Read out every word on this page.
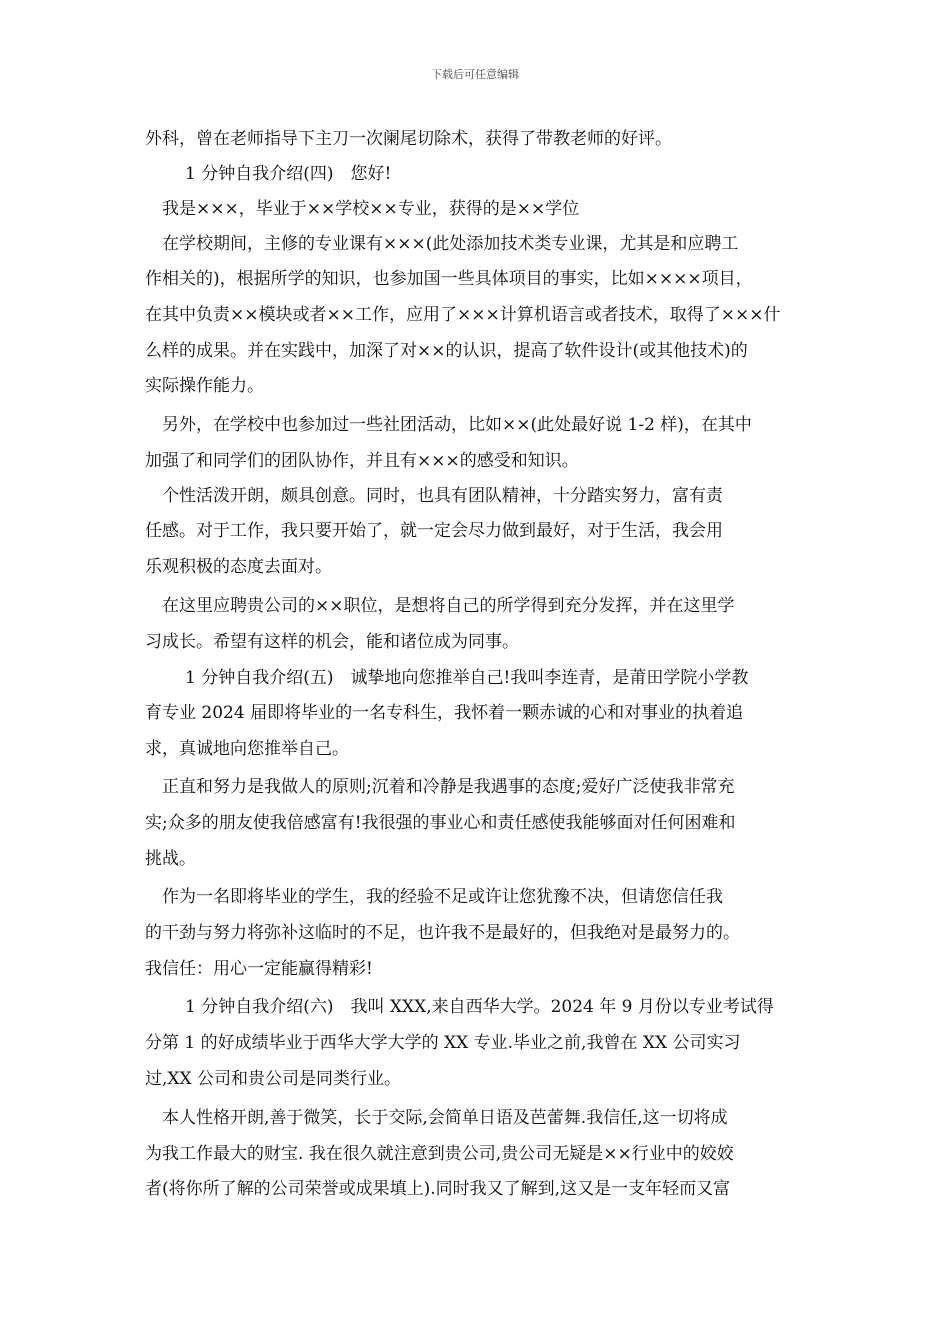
下载后可任意编辑
外科，曾在老师指导下主刀一次阑尾切除术，获得了带教老师的好评。
1 分钟自我介绍(四)　您好!
我是×××，毕业于××学校××专业，获得的是××学位
在学校期间，主修的专业课有×××(此处添加技术类专业课，尤其是和应聘工
作相关的)，根据所学的知识，也参加国一些具体项目的事实，比如××××项目，
在其中负责××模块或者××工作，应用了×××计算机语言或者技术，取得了×××什
么样的成果。并在实践中，加深了对××的认识，提高了软件设计(或其他技术)的
实际操作能力。
另外，在学校中也参加过一些社团活动，比如××(此处最好说 1-2 样)，在其中
加强了和同学们的团队协作，并且有×××的感受和知识。
个性活泼开朗，颇具创意。同时，也具有团队精神，十分踏实努力，富有责
任感。对于工作，我只要开始了，就一定会尽力做到最好，对于生活，我会用
乐观积极的态度去面对。
在这里应聘贵公司的××职位，是想将自己的所学得到充分发挥，并在这里学
习成长。希望有这样的机会，能和诸位成为同事。
1 分钟自我介绍(五)　诚挚地向您推举自己!我叫李连青，是莆田学院小学教
育专业 2024 届即将毕业的一名专科生，我怀着一颗赤诚的心和对事业的执着追
求，真诚地向您推举自己。
正直和努力是我做人的原则;沉着和冷静是我遇事的态度;爱好广泛使我非常充
实;众多的朋友使我倍感富有!我很强的事业心和责任感使我能够面对任何困难和
挑战。
作为一名即将毕业的学生，我的经验不足或许让您犹豫不决，但请您信任我
的干劲与努力将弥补这临时的不足，也许我不是最好的，但我绝对是最努力的。
我信任：用心一定能赢得精彩!
1 分钟自我介绍(六)　我叫 XXX,来自西华大学。2024 年 9 月份以专业考试得
分第 1 的好成绩毕业于西华大学大学的 XX 专业.毕业之前,我曾在 XX 公司实习
过,XX 公司和贵公司是同类行业。
本人性格开朗,善于微笑，长于交际,会简单日语及芭蕾舞.我信任,这一切将成
为我工作最大的财宝. 我在很久就注意到贵公司,贵公司无疑是××行业中的姣姣
者(将你所了解的公司荣誉或成果填上).同时我又了解到,这又是一支年轻而又富
